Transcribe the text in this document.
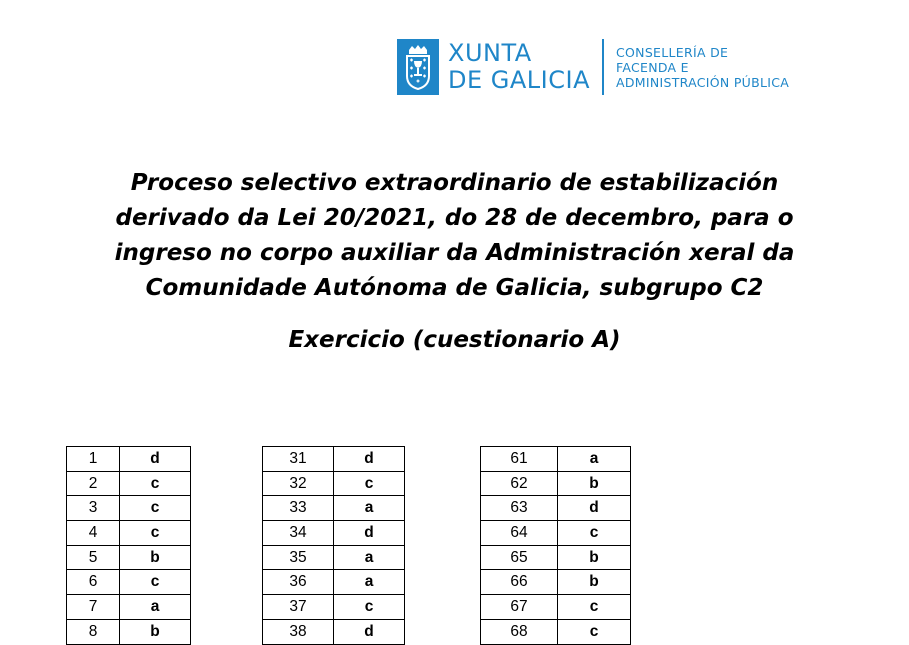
XUNTA
DE GALICIA
CONSELLERÍA DE
FACENDA E
ADMINISTRACIÓN PÚBLICA
Proceso selectivo extraordinario de estabilización
derivado da Lei 20/2021, do 28 de decembro, para o
ingreso no corpo auxiliar da Administración xeral da
Comunidade Autónoma de Galicia, subgrupo C2
Exercicio (cuestionario A)
1	d
2	c
3	c
4	c
5	b
6	c
7	a
8	b
31	d
32	c
33	a
34	d
35	a
36	a
37	c
38	d
61	a
62	b
63	d
64	c
65	b
66	b
67	c
68	c
